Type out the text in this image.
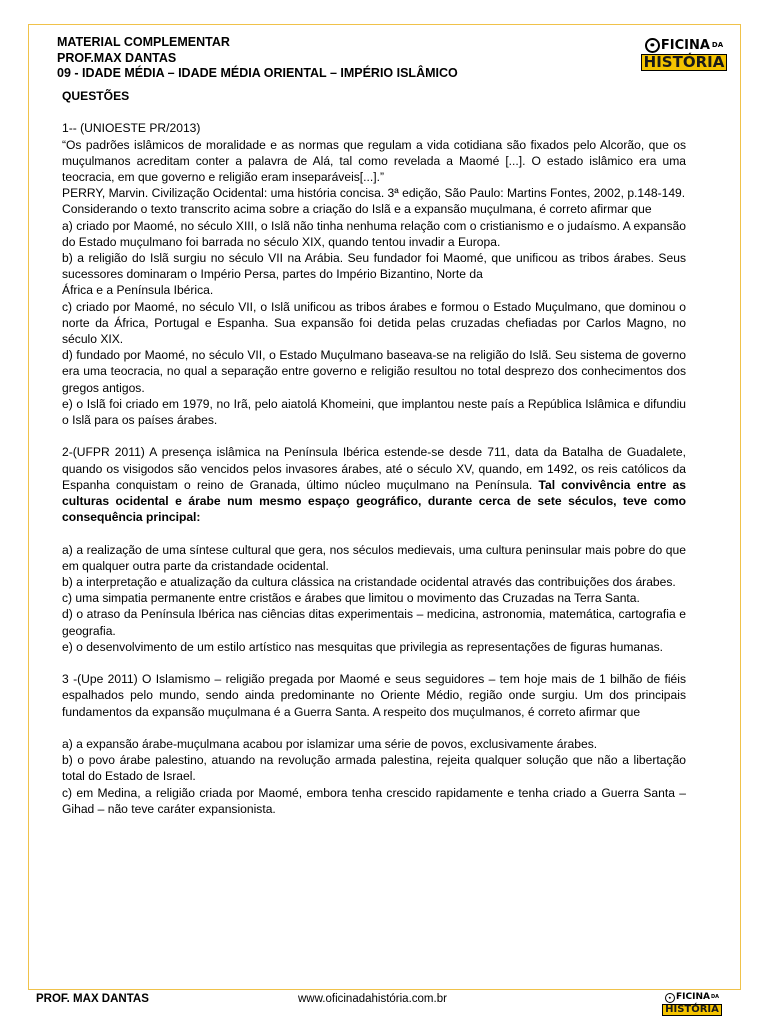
MATERIAL COMPLEMENTAR
PROF.MAX DANTAS
09 - IDADE MÉDIA – IDADE MÉDIA ORIENTAL – IMPÉRIO ISLÂMICO
FICINA DA
HISTÓRIA

QUESTÕES

1-- (UNIOESTE PR/2013)

“Os padrões islâmicos de moralidade e as normas que regulam a vida cotidiana são fixados pelo Alcorão, que os muçulmanos acreditam conter a palavra de Alá, tal como revelada a Maomé [...]. O estado islâmico era uma teocracia, em que governo e religião eram inseparáveis[...].”

PERRY, Marvin. Civilização Ocidental: uma história concisa. 3ª edição, São Paulo: Martins Fontes, 2002, p.148-149.

Considerando o texto transcrito acima sobre a criação do Islã e a expansão muçulmana, é correto afirmar que

a) criado por Maomé, no século XIII, o Islã não tinha nenhuma relação com o cristianismo e o judaísmo. A expansão do Estado muçulmano foi barrada no século XIX, quando tentou invadir a Europa.

b) a religião do Islã surgiu no século VII na Arábia. Seu fundador foi Maomé, que unificou as tribos árabes. Seus sucessores dominaram o Império Persa, partes do Império Bizantino, Norte da

África e a Península Ibérica.

c) criado por Maomé, no século VII, o Islã unificou as tribos árabes e formou o Estado Muçulmano, que dominou o norte da África, Portugal e Espanha. Sua expansão foi detida pelas cruzadas chefiadas por Carlos Magno, no século XIX.

d) fundado por Maomé, no século VII, o Estado Muçulmano baseava-se na religião do Islã. Seu sistema de governo era uma teocracia, no qual a separação entre governo e religião resultou no total desprezo dos conhecimentos dos gregos antigos.

e) o Islã foi criado em 1979, no Irã, pelo aiatolá Khomeini, que implantou neste país a República Islâmica e difundiu o Islã para os países árabes.

2-(UFPR 2011) A presença islâmica na Península Ibérica estende-se desde 711, data da Batalha de Guadalete, quando os visigodos são vencidos pelos invasores árabes, até o século XV, quando, em 1492, os reis católicos da Espanha conquistam o reino de Granada, último núcleo muçulmano na Península. Tal convivência entre as culturas ocidental e árabe num mesmo espaço geográfico, durante cerca de sete séculos, teve como consequência principal:

a) a realização de uma síntese cultural que gera, nos séculos medievais, uma cultura peninsular mais pobre do que em qualquer outra parte da cristandade ocidental.

b) a interpretação e atualização da cultura clássica na cristandade ocidental através das contribuições dos árabes.

c) uma simpatia permanente entre cristãos e árabes que limitou o movimento das Cruzadas na Terra Santa.

d) o atraso da Península Ibérica nas ciências ditas experimentais – medicina, astronomia, matemática, cartografia e geografia.

e) o desenvolvimento de um estilo artístico nas mesquitas que privilegia as representações de figuras humanas.

3 -(Upe 2011) O Islamismo – religião pregada por Maomé e seus seguidores – tem hoje mais de 1 bilhão de fiéis espalhados pelo mundo, sendo ainda predominante no Oriente Médio, região onde surgiu. Um dos principais fundamentos da expansão muçulmana é a Guerra Santa. A respeito dos muçulmanos, é correto afirmar que

a) a expansão árabe-muçulmana acabou por islamizar uma série de povos, exclusivamente árabes.

b) o povo árabe palestino, atuando na revolução armada palestina, rejeita qualquer solução que não a libertação total do Estado de Israel.

c) em Medina, a religião criada por Maomé, embora tenha crescido rapidamente e tenha criado a Guerra Santa – Gihad – não teve caráter expansionista.

PROF. MAX DANTAS	www.oficinadahistória.com.br	FICINA DA
HISTÓRIA
